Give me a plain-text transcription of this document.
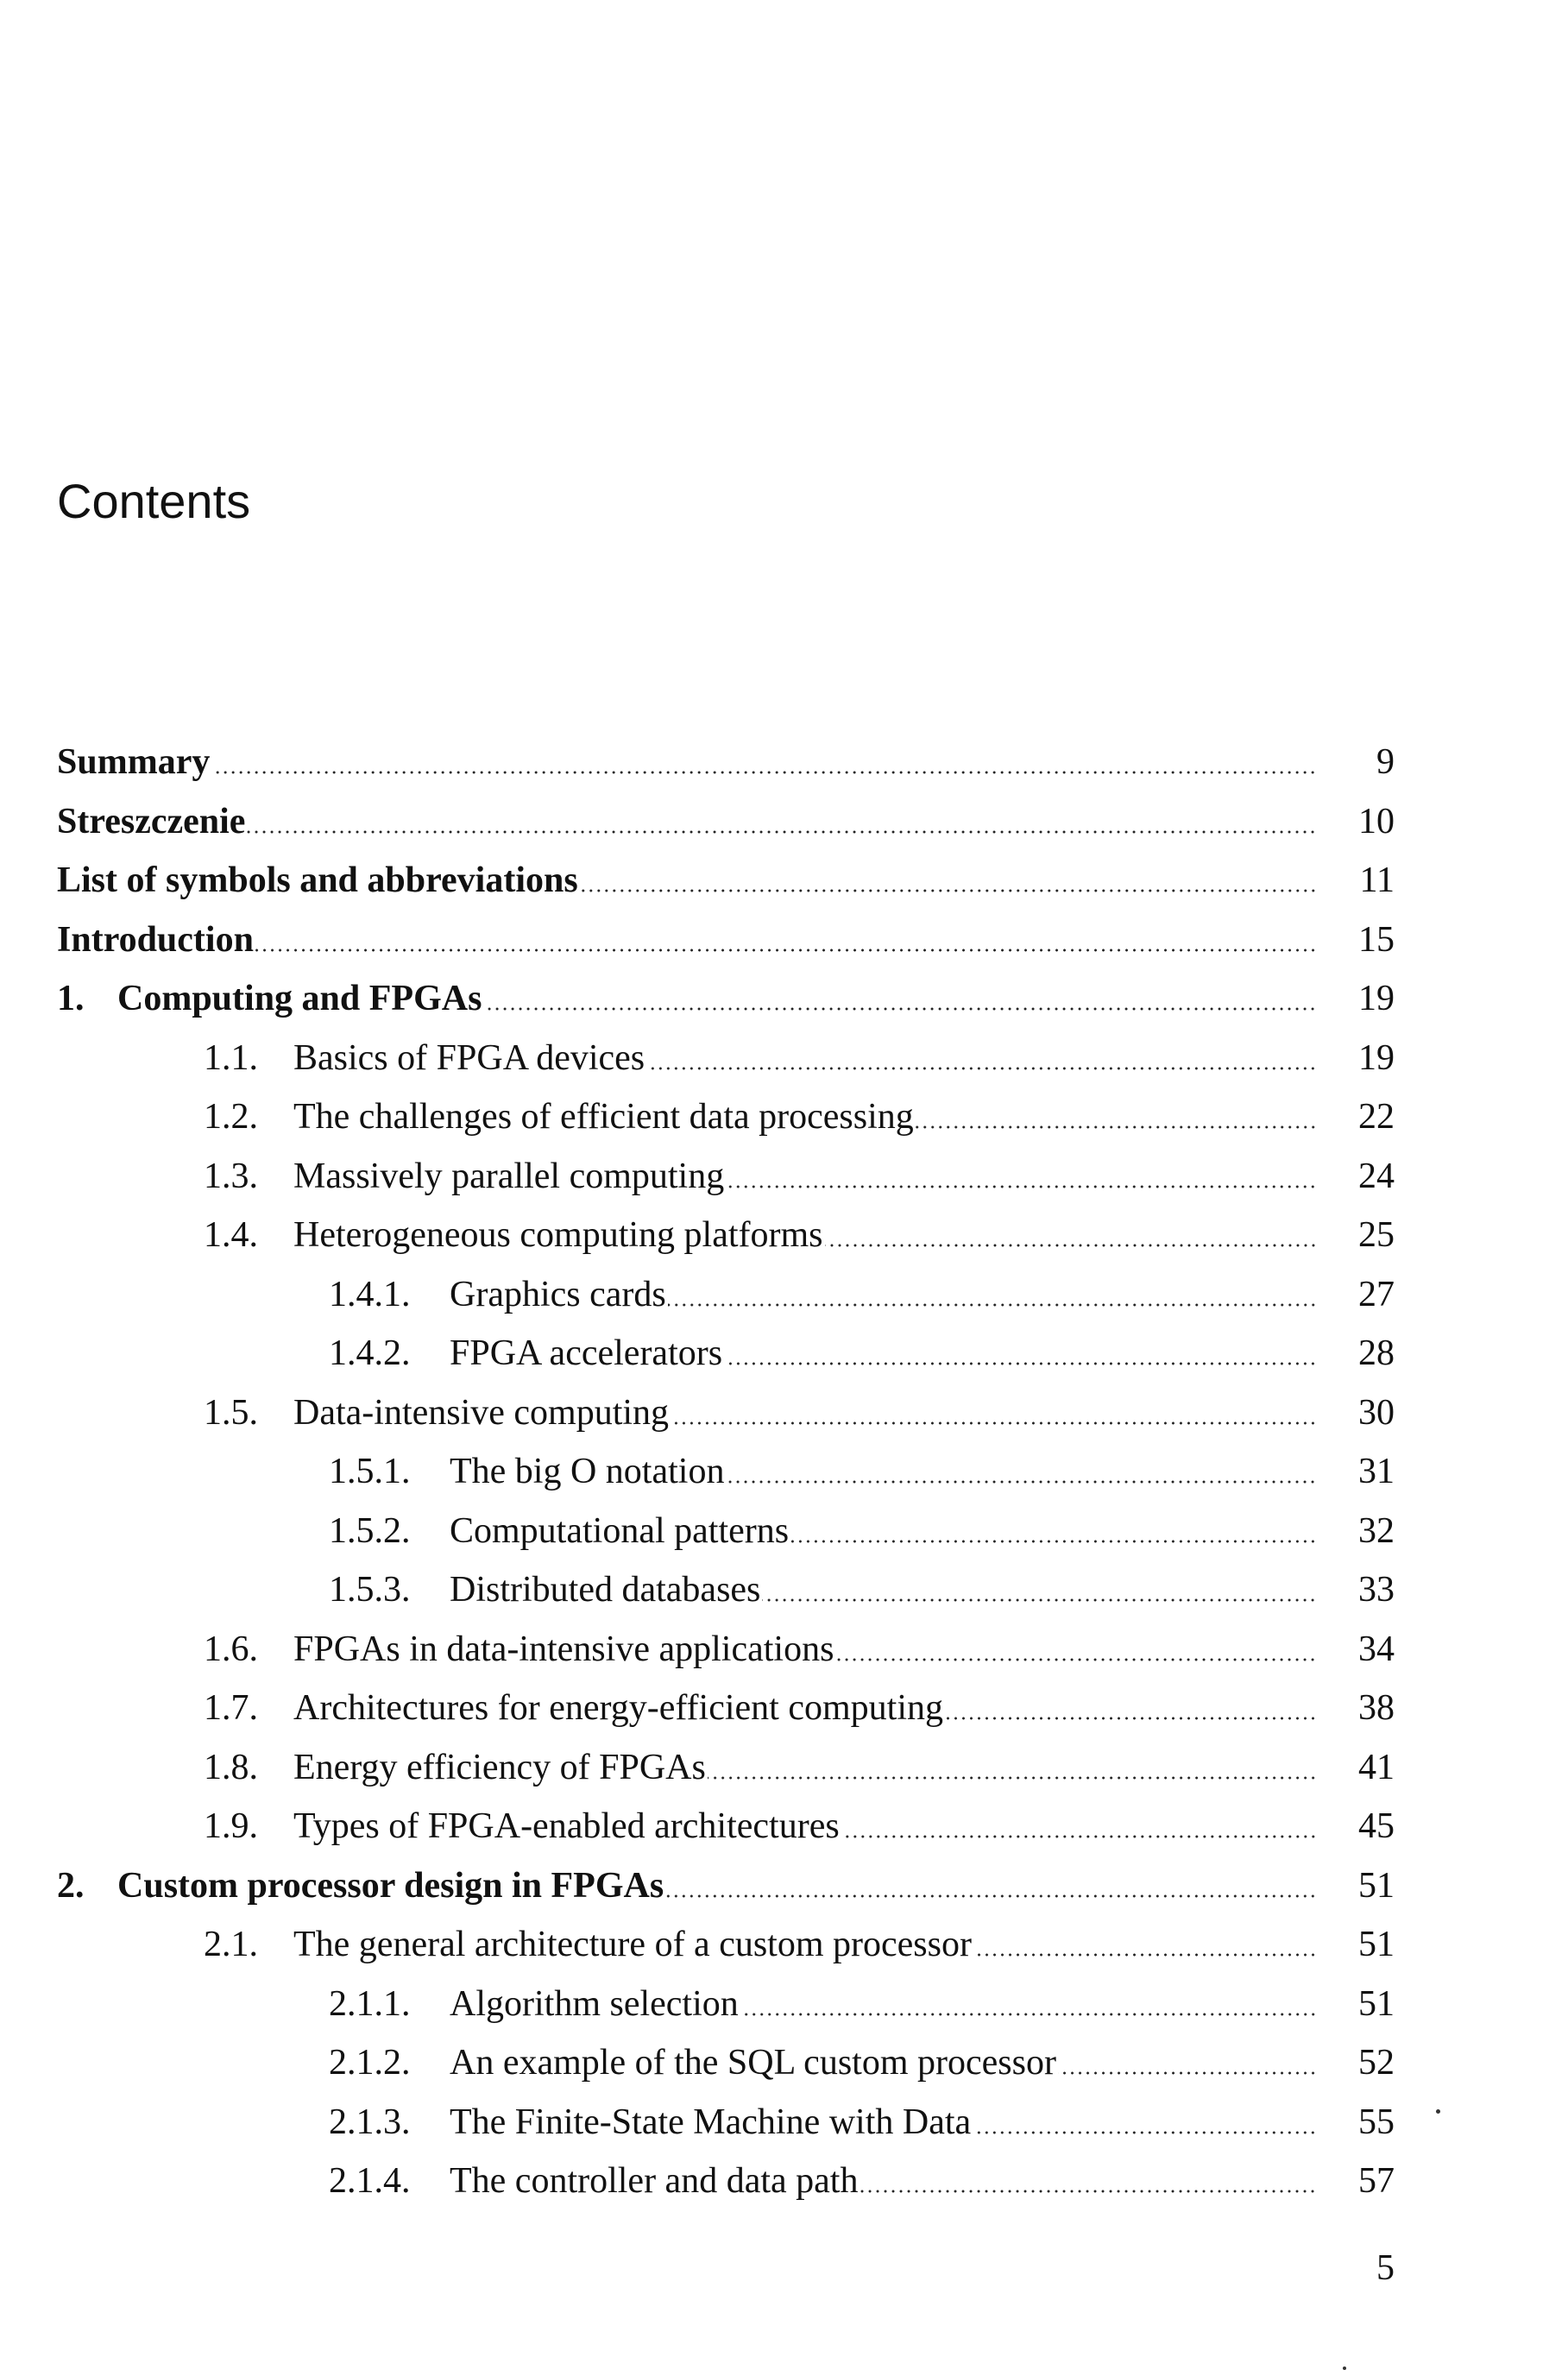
Contents
Summary	9
Streszczenie	10
List of symbols and abbreviations	11
Introduction	15
1. Computing and FPGAs	19
1.1. Basics of FPGA devices	19
1.2. The challenges of efficient data processing	22
1.3. Massively parallel computing	24
1.4. Heterogeneous computing platforms	25
1.4.1.	Graphics cards	27
1.4.2.	FPGA accelerators	28
1.5. Data-intensive computing	30
1.5.1.	The big O notation	31
1.5.2.	Computational patterns	32
1.5.3.	Distributed databases	33
1.6. FPGAs in data-intensive applications	34
1.7. Architectures for energy-efficient computing	38
1.8. Energy efficiency of FPGAs	41
1.9. Types of FPGA-enabled architectures	45
2. Custom processor design in FPGAs	51
2.1. The general architecture of a custom processor	51
2.1.1.	Algorithm selection	51
2.1.2.	An example of the SQL custom processor	52
2.1.3.	The Finite-State Machine with Data	55
2.1.4.	The controller and data path	57
5
